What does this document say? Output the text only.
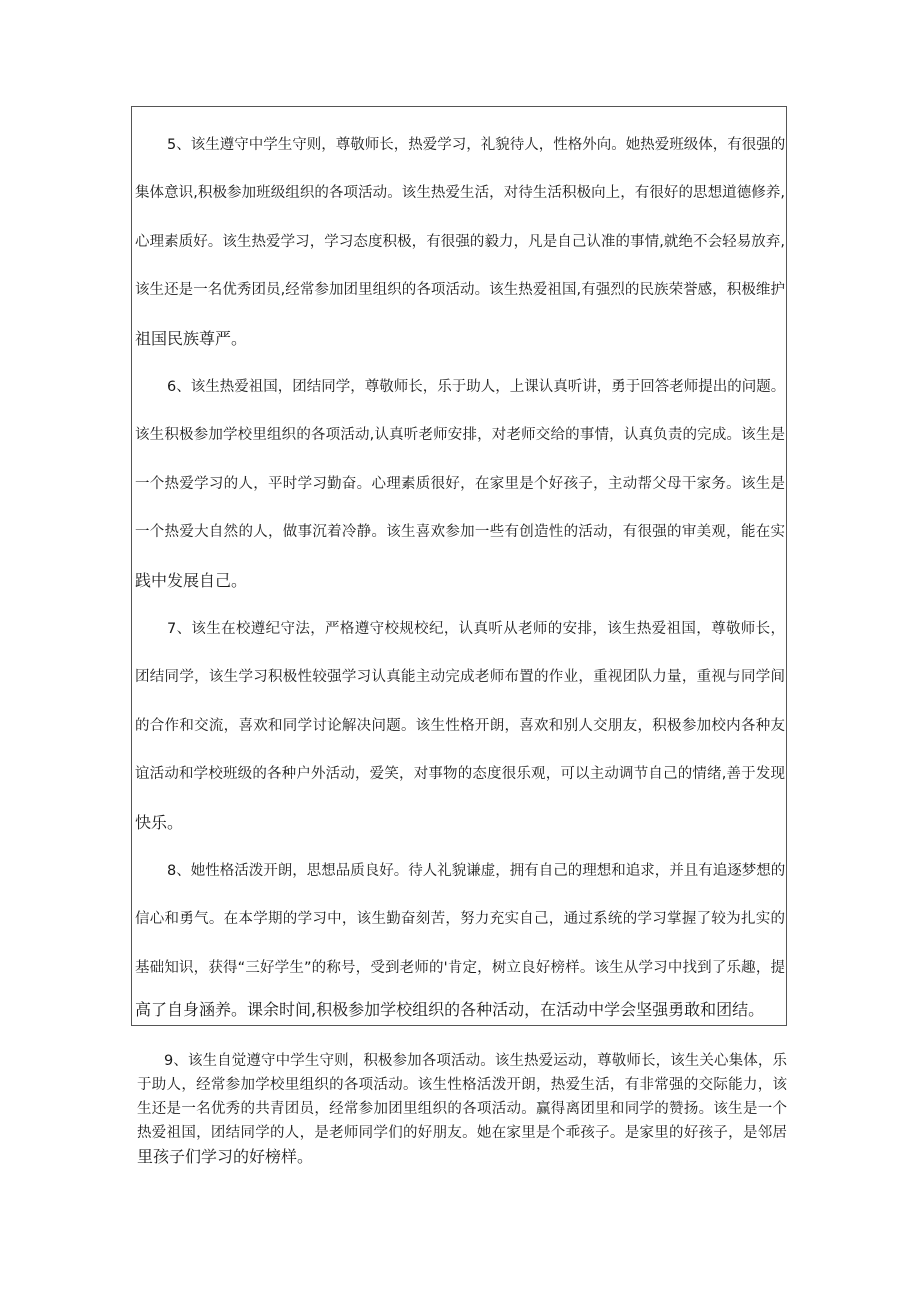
5、该生遵守中学生守则，尊敬师长，热爱学习，礼貌待人，性格外向。她热爱班级体，有很强的
集体意识,积极参加班级组织的各项活动。该生热爱生活，对待生活积极向上，有很好的思想道德修养,
心理素质好。该生热爱学习，学习态度积极，有很强的毅力，凡是自己认准的事情,就绝不会轻易放弃,
该生还是一名优秀团员,经常参加团里组织的各项活动。该生热爱祖国,有强烈的民族荣誉感，积极维护
祖国民族尊严。
6、该生热爱祖国，团结同学，尊敬师长，乐于助人，上课认真听讲，勇于回答老师提出的问题。
该生积极参加学校里组织的各项活动,认真听老师安排，对老师交给的事情，认真负责的完成。该生是
一个热爱学习的人，平时学习勤奋。心理素质很好，在家里是个好孩子，主动帮父母干家务。该生是
一个热爱大自然的人，做事沉着冷静。该生喜欢参加一些有创造性的活动，有很强的审美观，能在实
践中发展自己。
7、该生在校遵纪守法，严格遵守校规校纪，认真听从老师的安排，该生热爱祖国，尊敬师长，
团结同学，该生学习积极性较强学习认真能主动完成老师布置的作业，重视团队力量，重视与同学间
的合作和交流，喜欢和同学讨论解决问题。该生性格开朗，喜欢和别人交朋友，积极参加校内各种友
谊活动和学校班级的各种户外活动，爱笑，对事物的态度很乐观，可以主动调节自己的情绪,善于发现
快乐。
8、她性格活泼开朗，思想品质良好。待人礼貌谦虚，拥有自己的理想和追求，并且有追逐梦想的
信心和勇气。在本学期的学习中，该生勤奋刻苦，努力充实自己，通过系统的学习掌握了较为扎实的
基础知识，获得“三好学生”的称号，受到老师的'肯定，树立良好榜样。该生从学习中找到了乐趣，提
高了自身涵养。课余时间,积极参加学校组织的各种活动，在活动中学会坚强勇敢和团结。
9、该生自觉遵守中学生守则，积极参加各项活动。该生热爱运动，尊敬师长，该生关心集体，乐
于助人，经常参加学校里组织的各项活动。该生性格活泼开朗，热爱生活，有非常强的交际能力，该
生还是一名优秀的共青团员，经常参加团里组织的各项活动。赢得离团里和同学的赞扬。该生是一个
热爱祖国，团结同学的人，是老师同学们的好朋友。她在家里是个乖孩子。是家里的好孩子，是邻居
里孩子们学习的好榜样。
